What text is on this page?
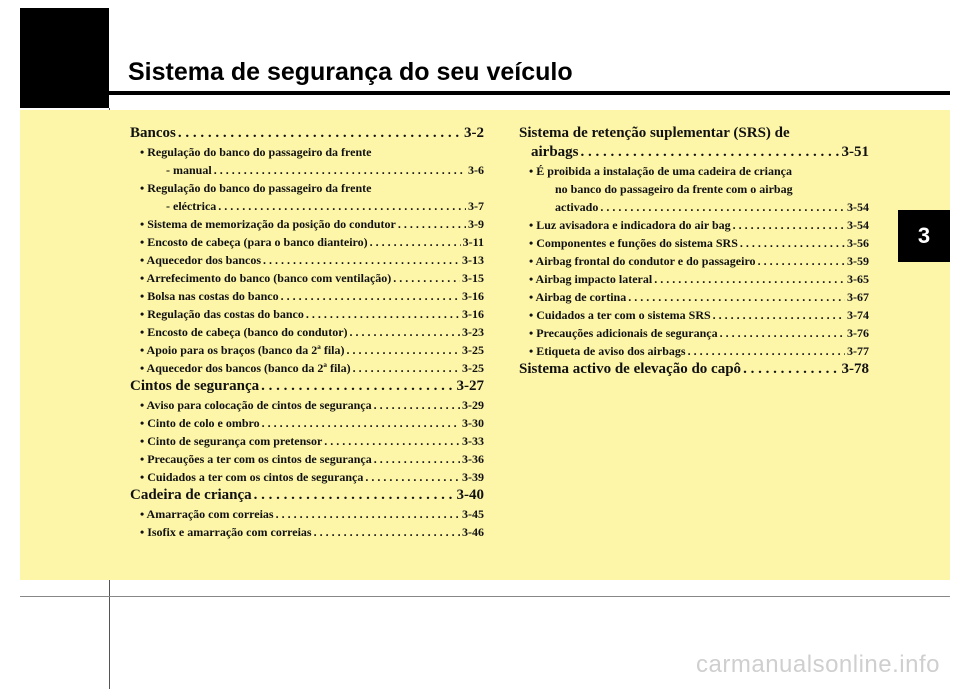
Sistema de segurança do seu veículo
3
Bancos . . .	3-2
• Regulação do banco do passageiro da frente
- manual . . .	3-6
• Regulação do banco do passageiro da frente
- eléctrica . . .	3-7
• Sistema de memorização da posição do condutor . . .	3-9
• Encosto de cabeça (para o banco dianteiro) . . .	3-11
• Aquecedor dos bancos . . .	3-13
• Arrefecimento do banco (banco com ventilação) . . .	3-15
• Bolsa nas costas do banco . . .	3-16
• Regulação das costas do banco . . .	3-16
• Encosto de cabeça (banco do condutor) . . .	3-23
• Apoio para os braços (banco da 2ª fila) . . .	3-25
• Aquecedor dos bancos (banco da 2ª fila) . . .	3-25
Cintos de segurança . . .	3-27
• Aviso para colocação de cintos de segurança . . .	3-29
• Cinto de colo e ombro . . .	3-30
• Cinto de segurança com pretensor . . .	3-33
• Precauções a ter com os cintos de segurança . . .	3-36
• Cuidados a ter com os cintos de segurança . . .	3-39
Cadeira de criança . . .	3-40
• Amarração com correias . . .	3-45
• Isofix e amarração com correias . . .	3-46
Sistema de retenção suplementar (SRS) de
airbags . . .	3-51
• É proibida a instalação de uma cadeira de criança
no banco do passageiro da frente com o airbag
activado . . .	3-54
• Luz avisadora e indicadora do air bag . . .	3-54
• Componentes e funções do sistema SRS . . .	3-56
• Airbag frontal do condutor e do passageiro . . .	3-59
• Airbag impacto lateral . . .	3-65
• Airbag de cortina . . .	3-67
• Cuidados a ter com o sistema SRS . . .	3-74
• Precauções adicionais de segurança . . .	3-76
• Etiqueta de aviso dos airbags . . .	3-77
Sistema activo de elevação do capô . . .	3-78
carmanualsonline.info
